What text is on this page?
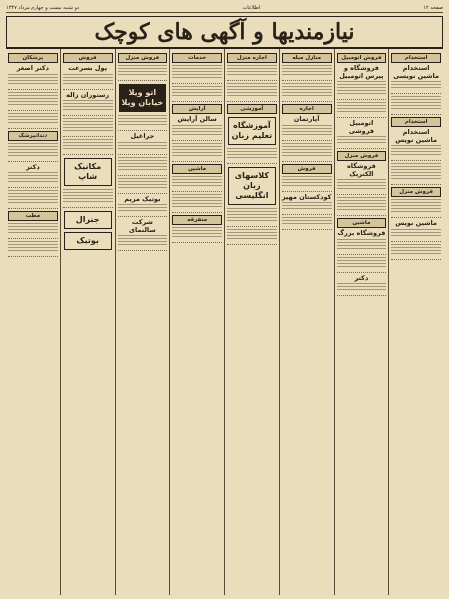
صفحه ۱۲
اطلاعات
دو شنبه بیست و چهارم مرداد ۱۳۴۷
نیازمندیها و آگهی های کوچک
استخدام
استخدام ماشین نویسی
استخدام
استخدام ماشین نویس
فروش منزل
ماشین نویس
فروش اتومبیل
فروشگاه و پیرس اتومبیل
اتومبیل فروشی
فروش منزل
فروشگاه الکتریک
ماشین
فروشگاه بزرگ
دکتر
منازل مبله
اجاره
آپارتمان
فروش
کودکستان مهیز
اجاره منزل
آموزشی
آموزشگاه تعلیم زبان
کلاسهای زبان انگلیسی
خدمات
آرایش
سالن آرایش
ماشین
متفرقه
فروش منزل
اتو ویلا خیابان ویلا
جراغیل
بوتیک مریم
شرکت سالنمای
فروش
پول بسرعت
رستوران زاله
مکانیک شاپ
جنرال
بوتیک
پزشکان
دکتر اصغر
دندانپزشک
دکتر
مطب
